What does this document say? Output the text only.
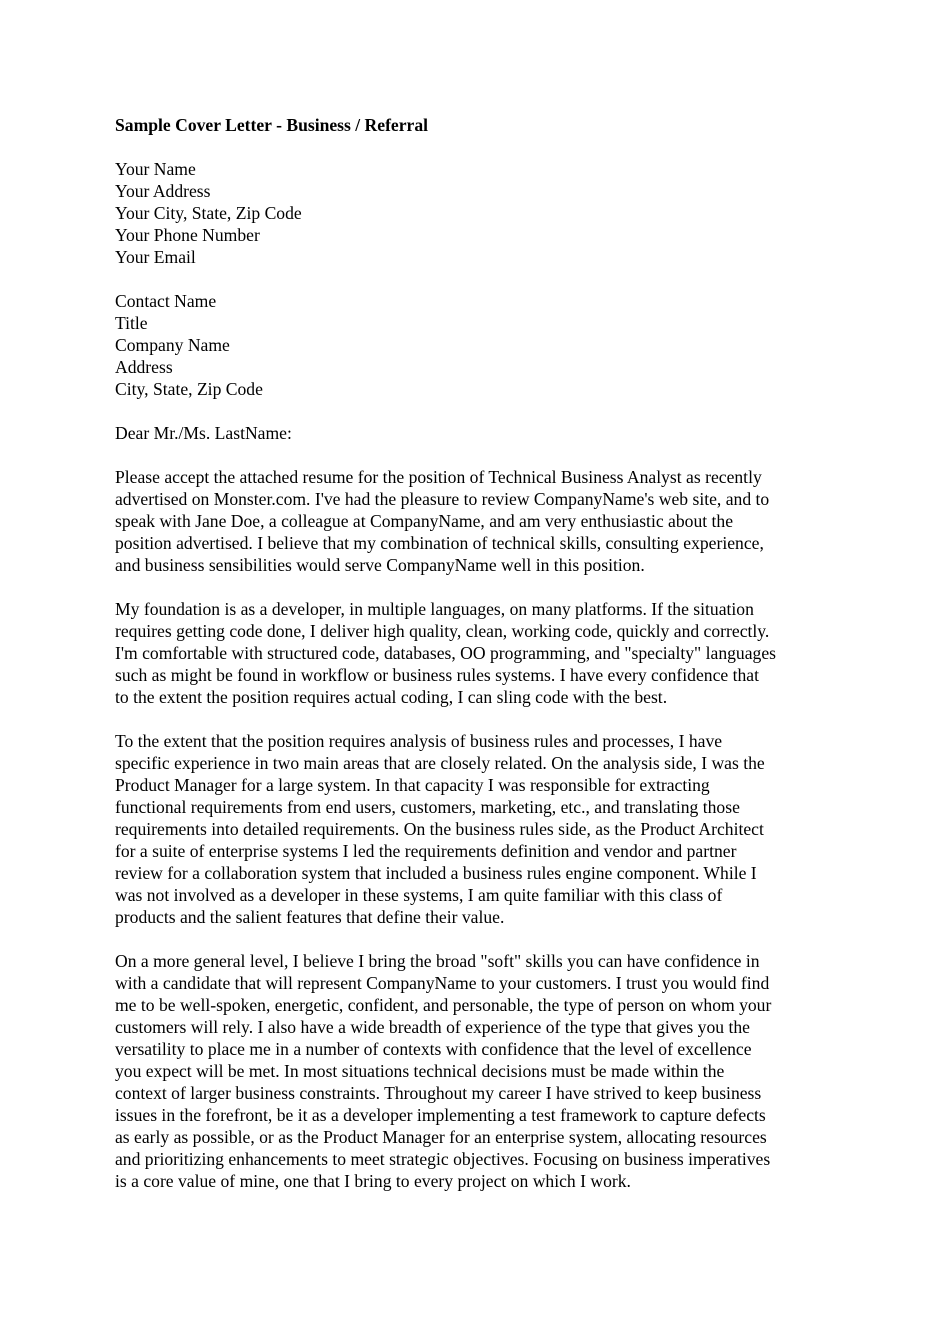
Sample Cover Letter - Business / Referral
Your Name
Your Address
Your City, State, Zip Code
Your Phone Number
Your Email
Contact Name
Title
Company Name
Address
City, State, Zip Code
Dear Mr./Ms. LastName:
Please accept the attached resume for the position of Technical Business Analyst as recently
advertised on Monster.com. I've had the pleasure to review CompanyName's web site, and to
speak with Jane Doe, a colleague at CompanyName, and am very enthusiastic about the
position advertised. I believe that my combination of technical skills, consulting experience,
and business sensibilities would serve CompanyName well in this position.
My foundation is as a developer, in multiple languages, on many platforms. If the situation
requires getting code done, I deliver high quality, clean, working code, quickly and correctly.
I'm comfortable with structured code, databases, OO programming, and "specialty" languages
such as might be found in workflow or business rules systems. I have every confidence that
to the extent the position requires actual coding, I can sling code with the best.
To the extent that the position requires analysis of business rules and processes, I have
specific experience in two main areas that are closely related. On the analysis side, I was the
Product Manager for a large system. In that capacity I was responsible for extracting
functional requirements from end users, customers, marketing, etc., and translating those
requirements into detailed requirements. On the business rules side, as the Product Architect
for a suite of enterprise systems I led the requirements definition and vendor and partner
review for a collaboration system that included a business rules engine component. While I
was not involved as a developer in these systems, I am quite familiar with this class of
products and the salient features that define their value.
On a more general level, I believe I bring the broad "soft" skills you can have confidence in
with a candidate that will represent CompanyName to your customers. I trust you would find
me to be well-spoken, energetic, confident, and personable, the type of person on whom your
customers will rely. I also have a wide breadth of experience of the type that gives you the
versatility to place me in a number of contexts with confidence that the level of excellence
you expect will be met. In most situations technical decisions must be made within the
context of larger business constraints. Throughout my career I have strived to keep business
issues in the forefront, be it as a developer implementing a test framework to capture defects
as early as possible, or as the Product Manager for an enterprise system, allocating resources
and prioritizing enhancements to meet strategic objectives. Focusing on business imperatives
is a core value of mine, one that I bring to every project on which I work.
